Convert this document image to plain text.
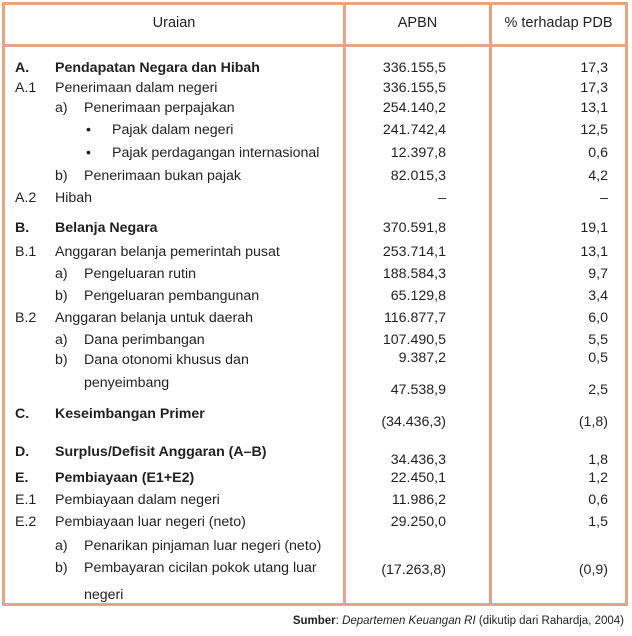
Uraian	APBN	% terhadap PDB
A. Pendapatan Negara dan Hibah	336.155,5	17,3
A.1 Penerimaan dalam negeri	336.155,5	17,3
a) Penerimaan perpajakan	254.140,2	13,1
• Pajak dalam negeri	241.742,4	12,5
• Pajak perdagangan internasional	12.397,8	0,6
b) Penerimaan bukan pajak	82.015,3	4,2
A.2 Hibah	–	–
B. Belanja Negara	370.591,8	19,1
B.1 Anggaran belanja pemerintah pusat	253.714,1	13,1
a) Pengeluaran rutin	188.584,3	9,7
b) Pengeluaran pembangunan	65.129,8	3,4
B.2 Anggaran belanja untuk daerah	116.877,7	6,0
a) Dana perimbangan	107.490,5	5,5
b) Dana otonomi khusus dan	9.387,2	0,5
penyeimbang	47.538,9	2,5
C. Keseimbangan Primer	(34.436,3)	(1,8)
D. Surplus/Defisit Anggaran (A–B)	34.436,3	1,8
E. Pembiayaan (E1+E2)	22.450,1	1,2
E.1 Pembiayaan dalam negeri	11.986,2	0,6
E.2 Pembiayaan luar negeri (neto)	29.250,0	1,5
a) Penarikan pinjaman luar negeri (neto)
b) Pembayaran cicilan pokok utang luar	(17.263,8)	(0,9)
negeri
Sumber: Departemen Keuangan RI (dikutip dari Rahardja, 2004)
